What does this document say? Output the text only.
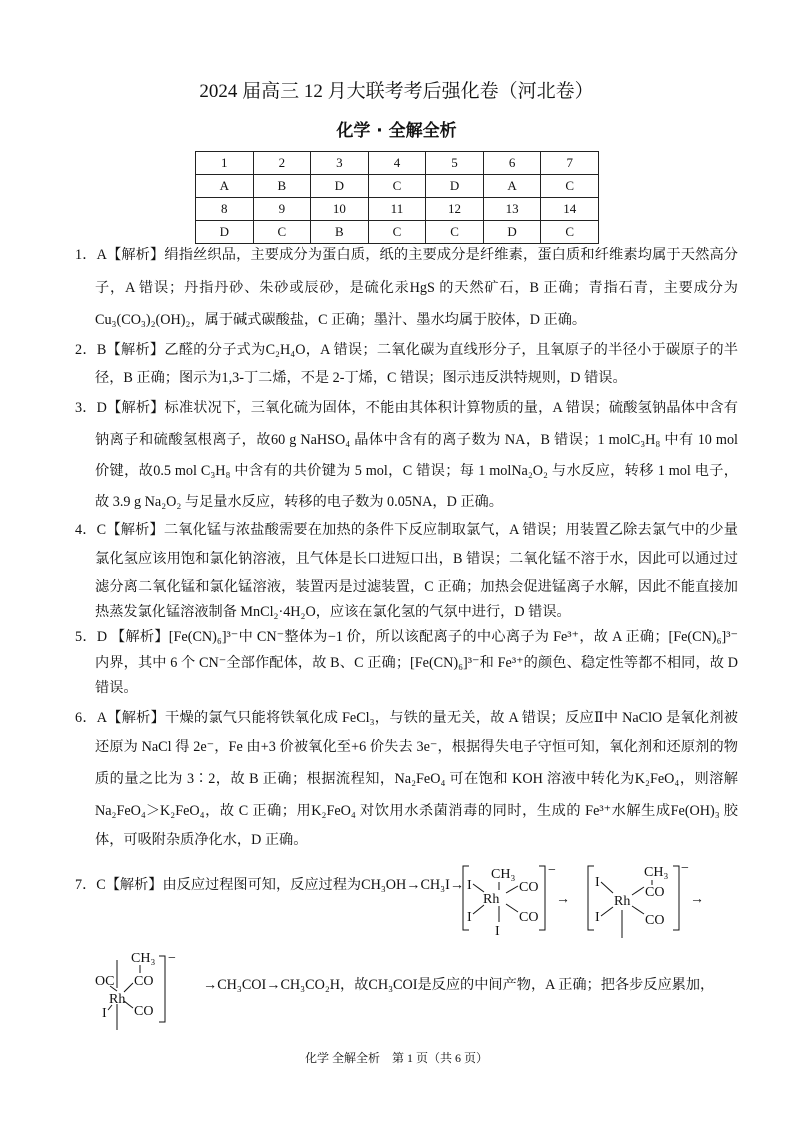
2024 届高三 12 月大联考考后强化卷（河北卷）
化学 · 全解全析
1	2	3	4	5	6	7
A	B	D	C	D	A	C
8	9	10	11	12	13	14
D	C	B	C	C	D	C
1．A【解析】绢指丝织品，主要成分为蛋白质，纸的主要成分是纤维素，蛋白质和纤维素均属于天然高分
子，A 错误；丹指丹砂、朱砂或辰砂，是硫化汞HgS 的天然矿石，B 正确；青指石青，主要成分为
Cu₃(CO₃)₂(OH)₂，属于碱式碳酸盐，C 正确；墨汁、墨水均属于胶体，D 正确。
2．B【解析】乙醛的分子式为C₂H₄O，A 错误；二氧化碳为直线形分子，且氧原子的半径小于碳原子的半
径，B 正确；图示为1,3-丁二烯，不是 2-丁烯，C 错误；图示违反洪特规则，D 错误。
3．D【解析】标准状况下，三氧化硫为固体，不能由其体积计算物质的量，A 错误；硫酸氢钠晶体中含有
钠离子和硫酸氢根离子，故60 g NaHSO₄ 晶体中含有的离子数为 NA，B 错误；1 molC₃H₈ 中有 10 mol
价键，故0.5 mol C₃H₈ 中含有的共价键为 5 mol，C 错误；每 1 molNa₂O₂ 与水反应，转移 1 mol 电子，
故 3.9 g Na₂O₂ 与足量水反应，转移的电子数为 0.05NA，D 正确。
4．C【解析】二氧化锰与浓盐酸需要在加热的条件下反应制取氯气，A 错误；用装置乙除去氯气中的少量
氯化氢应该用饱和氯化钠溶液，且气体是长口进短口出，B 错误；二氧化锰不溶于水，因此可以通过过
滤分离二氧化锰和氯化锰溶液，装置丙是过滤装置，C 正确；加热会促进锰离子水解，因此不能直接加
热蒸发氯化锰溶液制备 MnCl₂·4H₂O，应该在氯化氢的气氛中进行，D 错误。
5．D 【解析】[Fe(CN)₆]³⁻中 CN⁻整体为−1 价，所以该配离子的中心离子为 Fe³⁺，故 A 正确；[Fe(CN)₆]³⁻
内界，其中 6 个 CN⁻全部作配体，故 B、C 正确；[Fe(CN)₆]³⁻和 Fe³⁺的颜色、稳定性等都不相同，故 D
错误。
6．A【解析】干燥的氯气只能将铁氧化成 FeCl₃，与铁的量无关，故 A 错误；反应Ⅱ中 NaClO 是氧化剂被
还原为 NaCl 得 2e⁻，Fe 由+3 价被氧化至+6 价失去 3e⁻，根据得失电子守恒可知，氧化剂和还原剂的物
质的量之比为 3∶2，故 B 正确；根据流程知，Na₂FeO₄ 可在饱和 KOH 溶液中转化为K₂FeO₄，则溶解
Na₂FeO₄＞K₂FeO₄，故 C 正确；用K₂FeO₄ 对饮用水杀菌消毒的同时，生成的 Fe³⁺水解生成Fe(OH)₃ 胶
体，可吸附杂质净化水，D 正确。
7．C【解析】由反应过程图可知，反应过程为CH₃OH→CH₃I→
→CH₃COI→CH₃CO₂H，故CH₃COI是反应的中间产物，A 正确；把各步反应累加，
−
I
I
Rh
CH₃
CO
CO
I
→
−
I
I
Rh
CH₃
CO
CO
→
−
OC
Rh
CH₃
CO
CO
I
化学 全解全析　第 1 页（共 6 页）
